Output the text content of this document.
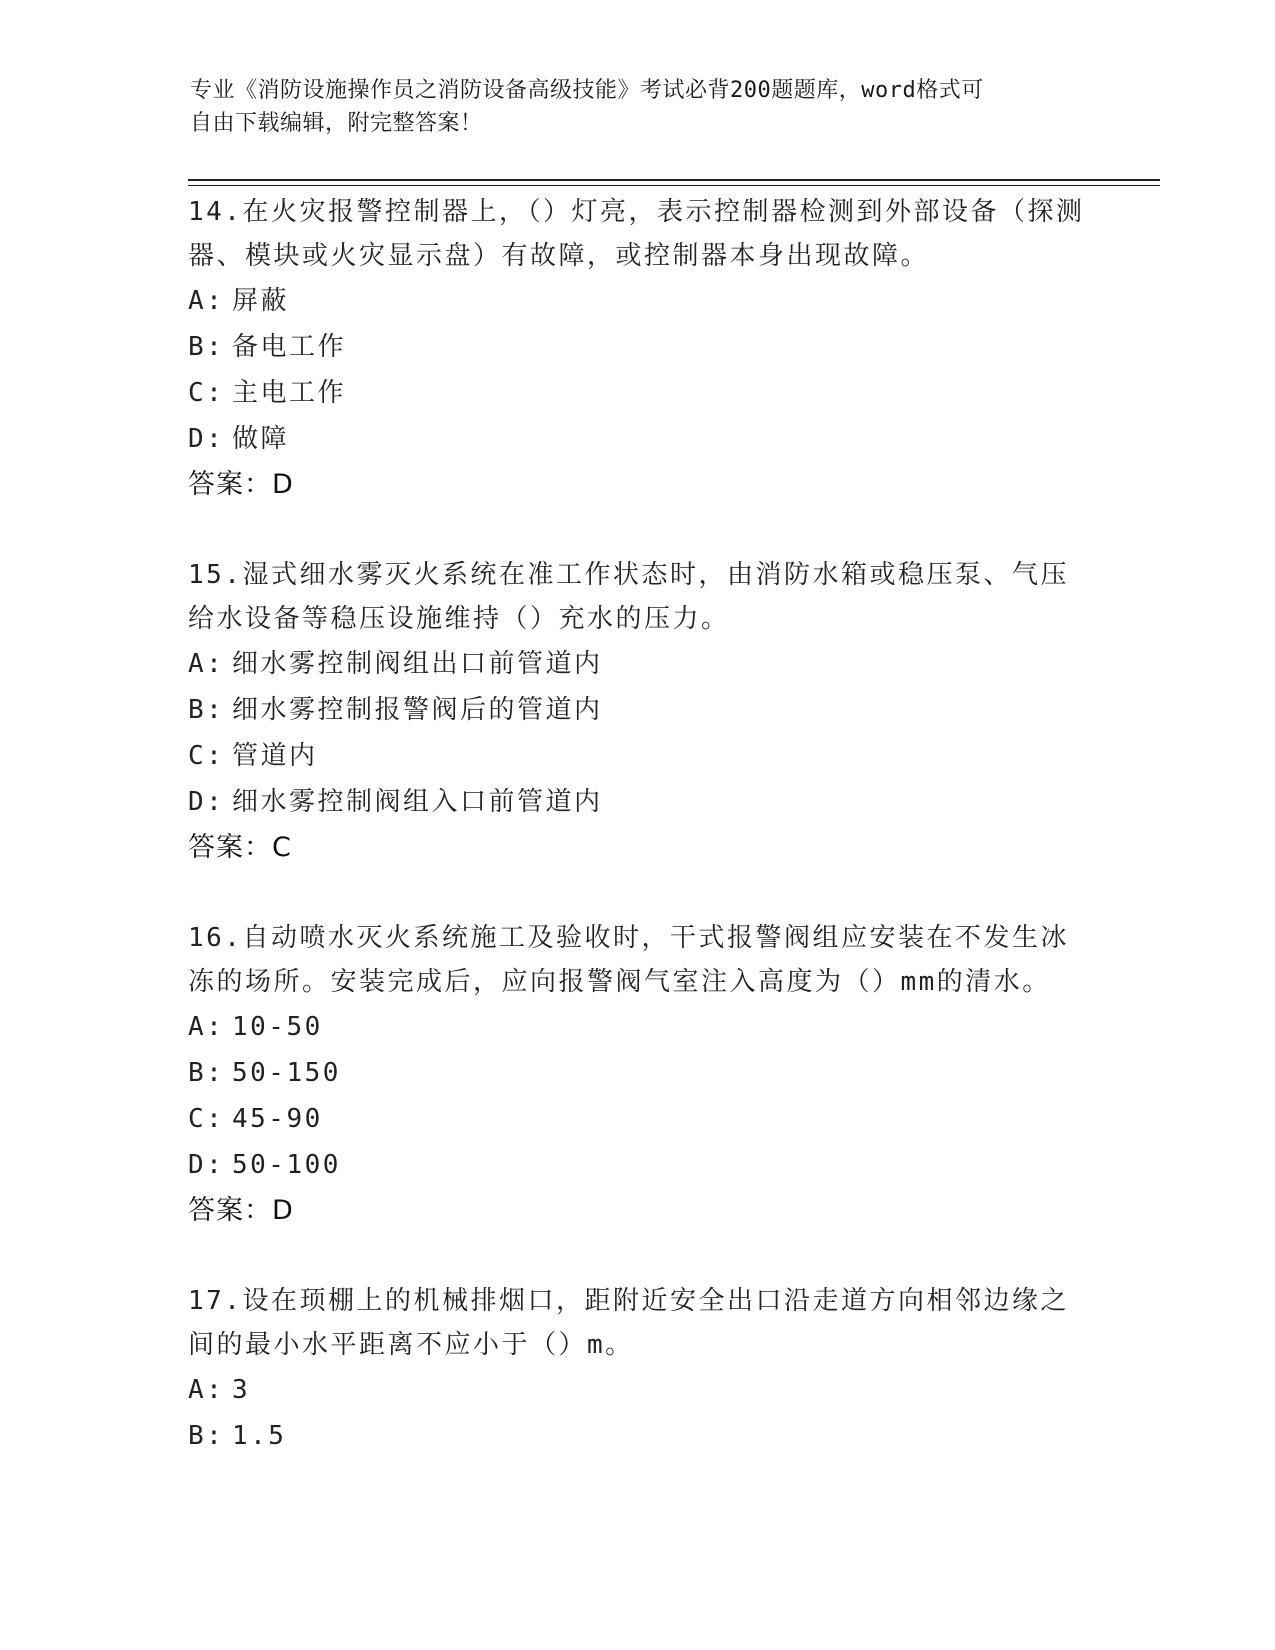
专业《消防设施操作员之消防设备高级技能》考试必背200题题库，word格式可
自由下载编辑，附完整答案！
14.在火灾报警控制器上，（）灯亮，表示控制器检测到外部设备（探测器、模块或火灾显示盘）有故障，或控制器本身出现故障。
A: 屏蔽
B: 备电工作
C: 主电工作
D: 做障
答案：D
15.湿式细水雾灭火系统在准工作状态时，由消防水箱或稳压泵、气压给水设备等稳压设施维持（）充水的压力。
A: 细水雾控制阀组出口前管道内
B: 细水雾控制报警阀后的管道内
C: 管道内
D: 细水雾控制阀组入口前管道内
答案：C
16.自动喷水灭火系统施工及验收时，干式报警阀组应安装在不发生冰冻的场所。安装完成后，应向报警阀气室注入高度为（）mm的清水。
A: 10-50
B: 50-150
C: 45-90
D: 50-100
答案：D
17.设在顼棚上的机械排烟口，距附近安全出口沿走道方向相邻边缘之间的最小水平距离不应小于（）m。
A: 3
B: 1.5
